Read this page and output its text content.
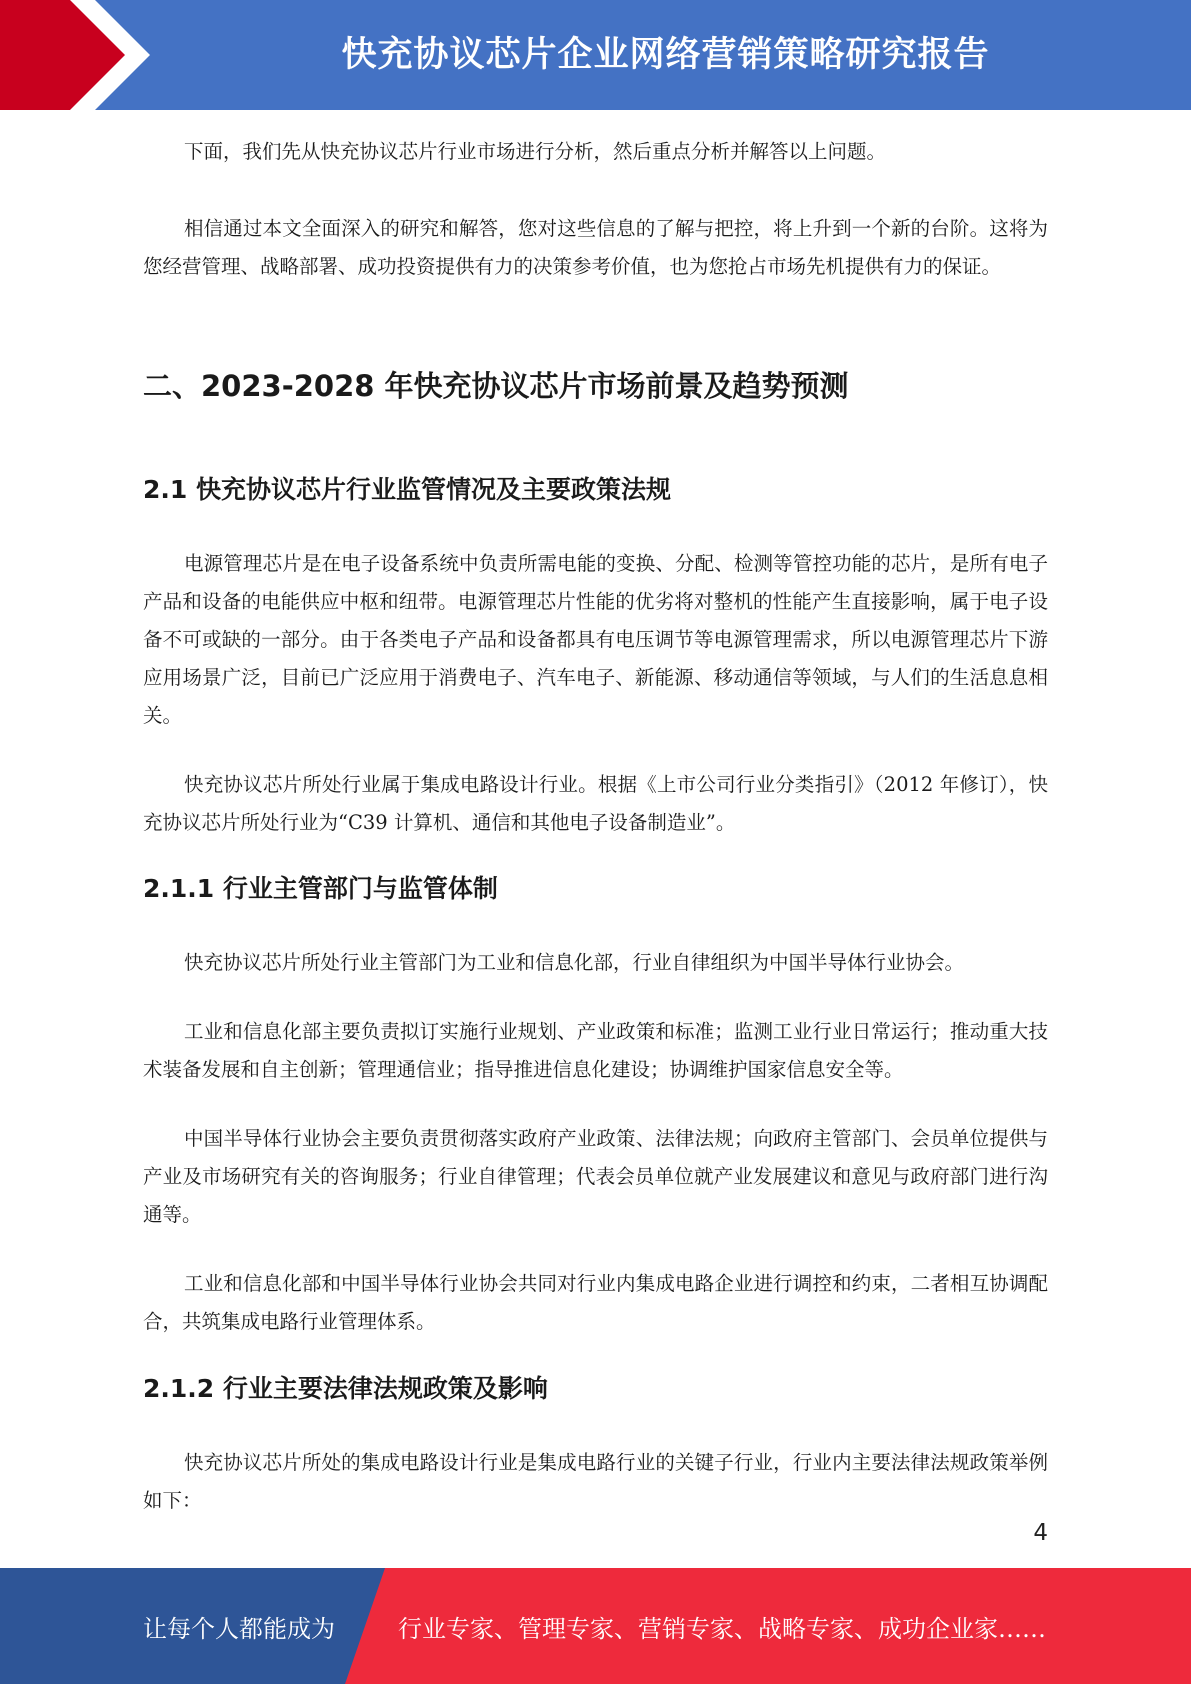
快充协议芯片企业网络营销策略研究报告
下面，我们先从快充协议芯片行业市场进行分析，然后重点分析并解答以上问题。
相信通过本文全面深入的研究和解答，您对这些信息的了解与把控，将上升到一个新的台阶。这将为您经营管理、战略部署、成功投资提供有力的决策参考价值，也为您抢占市场先机提供有力的保证。
二、2023-2028 年快充协议芯片市场前景及趋势预测
2.1 快充协议芯片行业监管情况及主要政策法规
电源管理芯片是在电子设备系统中负责所需电能的变换、分配、检测等管控功能的芯片，是所有电子产品和设备的电能供应中枢和纽带。电源管理芯片性能的优劣将对整机的性能产生直接影响，属于电子设备不可或缺的一部分。由于各类电子产品和设备都具有电压调节等电源管理需求，所以电源管理芯片下游应用场景广泛，目前已广泛应用于消费电子、汽车电子、新能源、移动通信等领域，与人们的生活息息相关。
快充协议芯片所处行业属于集成电路设计行业。根据《上市公司行业分类指引》（2012 年修订），快充协议芯片所处行业为“C39 计算机、通信和其他电子设备制造业”。
2.1.1 行业主管部门与监管体制
快充协议芯片所处行业主管部门为工业和信息化部，行业自律组织为中国半导体行业协会。
工业和信息化部主要负责拟订实施行业规划、产业政策和标准；监测工业行业日常运行；推动重大技术装备发展和自主创新；管理通信业；指导推进信息化建设；协调维护国家信息安全等。
中国半导体行业协会主要负责贯彻落实政府产业政策、法律法规；向政府主管部门、会员单位提供与产业及市场研究有关的咨询服务；行业自律管理；代表会员单位就产业发展建议和意见与政府部门进行沟通等。
工业和信息化部和中国半导体行业协会共同对行业内集成电路企业进行调控和约束，二者相互协调配合，共筑集成电路行业管理体系。
2.1.2 行业主要法律法规政策及影响
快充协议芯片所处的集成电路设计行业是集成电路行业的关键子行业，行业内主要法律法规政策举例如下：
4
让每个人都能成为	行业专家、管理专家、营销专家、战略专家、成功企业家……
